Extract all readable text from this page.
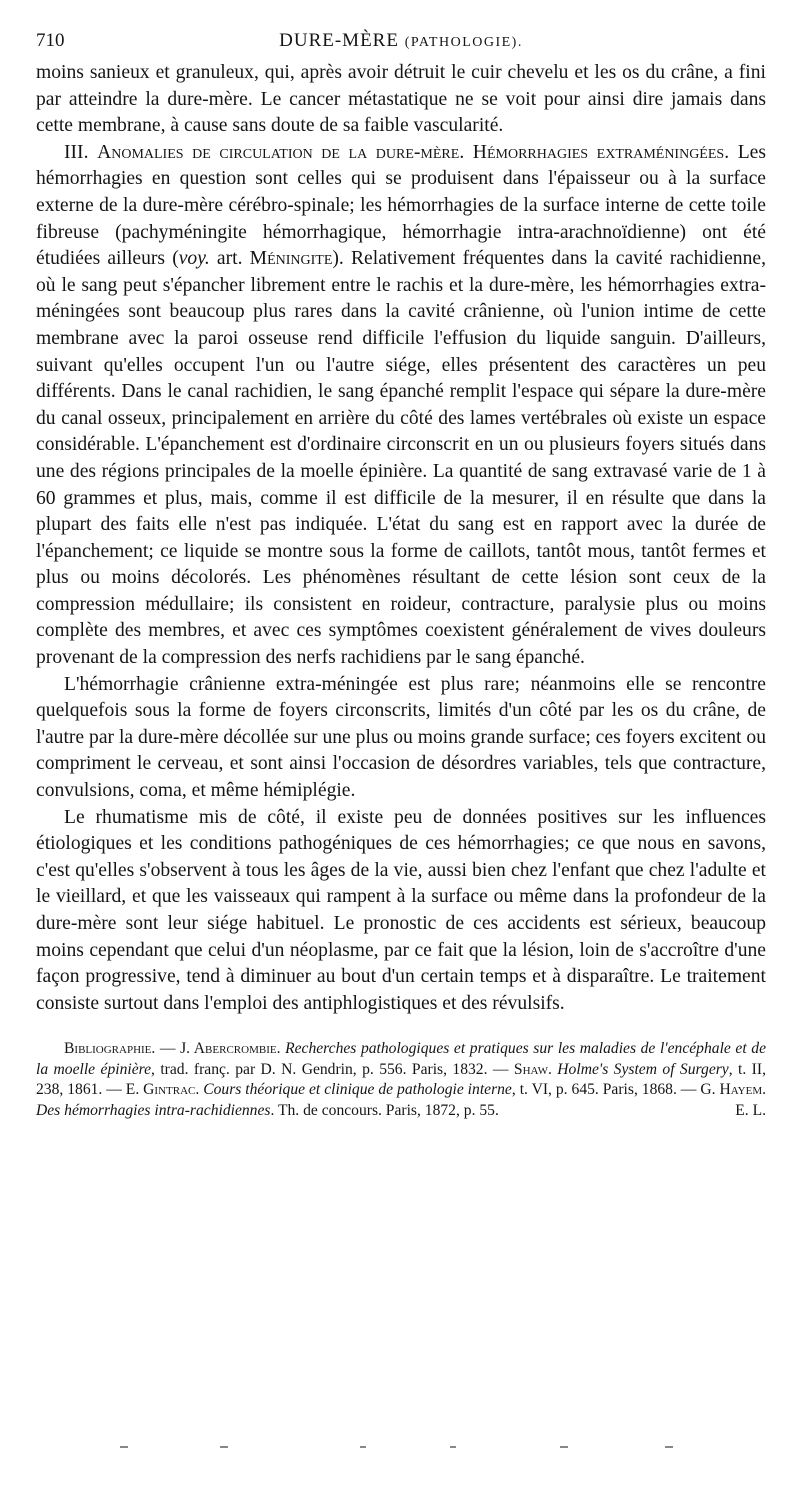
710	DURE-MÈRE (PATHOLOGIE).

moins sanieux et granuleux, qui, après avoir détruit le cuir chevelu et les os du crâne, a fini par atteindre la dure-mère. Le cancer métastatique ne se voit pour ainsi dire jamais dans cette membrane, à cause sans doute de sa faible vascularité.

III. Anomalies de circulation de la dure-mère. Hémorrhagies extraméningées. Les hémorrhagies en question sont celles qui se produisent dans l'épaisseur ou à la surface externe de la dure-mère cérébro-spinale; les hémorrhagies de la surface interne de cette toile fibreuse (pachyméningite hémorrhagique, hémorrhagie intra-arachnoïdienne) ont été étudiées ailleurs (voy. art. Méningite). Relativement fréquentes dans la cavité rachidienne, où le sang peut s'épancher librement entre le rachis et la dure-mère, les hémorrhagies extra-méningées sont beaucoup plus rares dans la cavité crânienne, où l'union intime de cette membrane avec la paroi osseuse rend difficile l'effusion du liquide sanguin. D'ailleurs, suivant qu'elles occupent l'un ou l'autre siége, elles présentent des caractères un peu différents. Dans le canal rachidien, le sang épanché remplit l'espace qui sépare la dure-mère du canal osseux, principalement en arrière du côté des lames vertébrales où existe un espace considérable. L'épanchement est d'ordinaire circonscrit en un ou plusieurs foyers situés dans une des régions principales de la moelle épinière. La quantité de sang extravasé varie de 1 à 60 grammes et plus, mais, comme il est difficile de la mesurer, il en résulte que dans la plupart des faits elle n'est pas indiquée. L'état du sang est en rapport avec la durée de l'épanchement; ce liquide se montre sous la forme de caillots, tantôt mous, tantôt fermes et plus ou moins décolorés. Les phénomènes résultant de cette lésion sont ceux de la compression médullaire; ils consistent en roideur, contracture, paralysie plus ou moins complète des membres, et avec ces symptômes coexistent généralement de vives douleurs provenant de la compression des nerfs rachidiens par le sang épanché.

L'hémorrhagie crânienne extra-méningée est plus rare; néanmoins elle se rencontre quelquefois sous la forme de foyers circonscrits, limités d'un côté par les os du crâne, de l'autre par la dure-mère décollée sur une plus ou moins grande surface; ces foyers excitent ou compriment le cerveau, et sont ainsi l'occasion de désordres variables, tels que contracture, convulsions, coma, et même hémiplégie.

Le rhumatisme mis de côté, il existe peu de données positives sur les influences étiologiques et les conditions pathogéniques de ces hémorrhagies; ce que nous en savons, c'est qu'elles s'observent à tous les âges de la vie, aussi bien chez l'enfant que chez l'adulte et le vieillard, et que les vaisseaux qui rampent à la surface ou même dans la profondeur de la dure-mère sont leur siége habituel. Le pronostic de ces accidents est sérieux, beaucoup moins cependant que celui d'un néoplasme, par ce fait que la lésion, loin de s'accroître d'une façon progressive, tend à diminuer au bout d'un certain temps et à disparaître. Le traitement consiste surtout dans l'emploi des antiphlogistiques et des révulsifs.

Bibliographie. — J. Abercrombie. Recherches pathologiques et pratiques sur les maladies de l'encéphale et de la moelle épinière, trad. franç. par D. N. Gendrin, p. 556. Paris, 1832. — Shaw. Holme's System of Surgery, t. II, 238, 1861. — E. Gintrac. Cours théorique et clinique de pathologie interne, t. VI, p. 645. Paris, 1868. — G. Hayem. Des hémorrhagies intra-rachidiennes. Th. de concours. Paris, 1872, p. 55.	E. L.
